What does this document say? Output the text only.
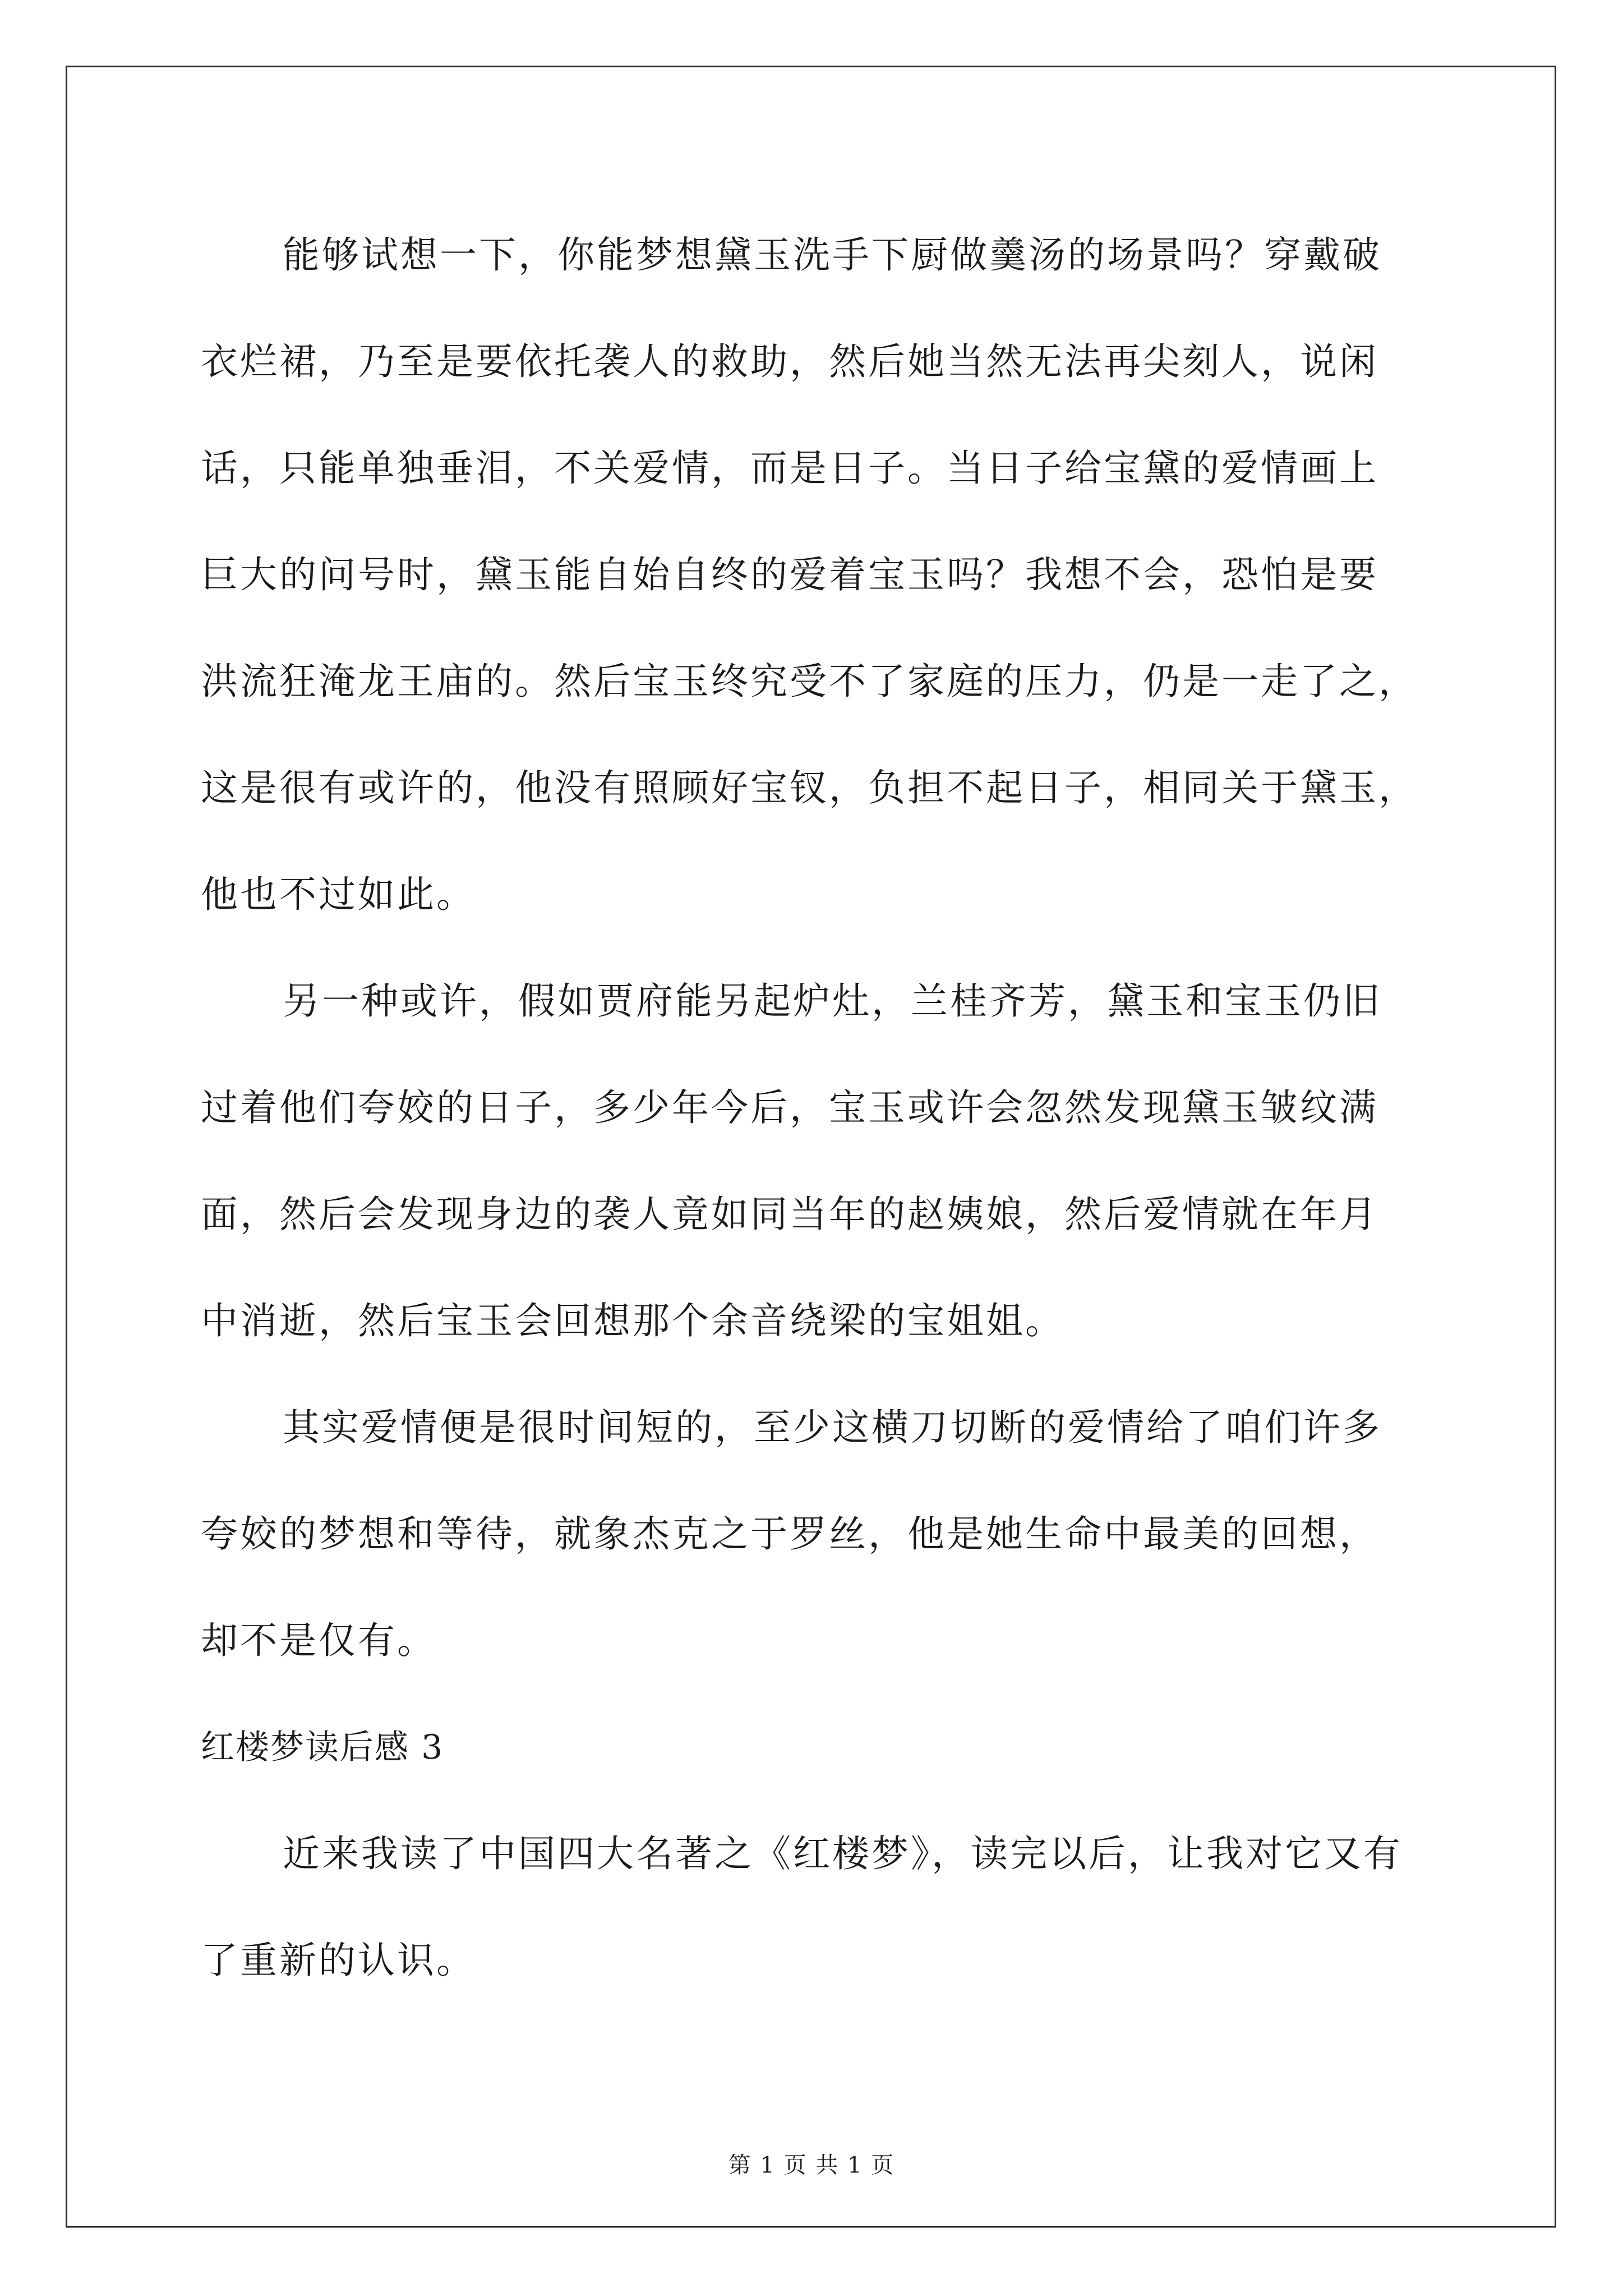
能够试想一下，你能梦想黛玉洗手下厨做羹汤的场景吗？穿戴破
衣烂裙，乃至是要依托袭人的救助，然后她当然无法再尖刻人，说闲
话，只能单独垂泪，不关爱情，而是日子。当日子给宝黛的爱情画上
巨大的问号时，黛玉能自始自终的爱着宝玉吗？我想不会，恐怕是要
洪流狂淹龙王庙的。然后宝玉终究受不了家庭的压力，仍是一走了之，
这是很有或许的，他没有照顾好宝钗，负担不起日子，相同关于黛玉，
他也不过如此。
另一种或许，假如贾府能另起炉灶，兰桂齐芳，黛玉和宝玉仍旧
过着他们夸姣的日子，多少年今后，宝玉或许会忽然发现黛玉皱纹满
面，然后会发现身边的袭人竟如同当年的赵姨娘，然后爱情就在年月
中消逝，然后宝玉会回想那个余音绕梁的宝姐姐。
其实爱情便是很时间短的，至少这横刀切断的爱情给了咱们许多
夸姣的梦想和等待，就象杰克之于罗丝，他是她生命中最美的回想，
却不是仅有。
红楼梦读后感 3
近来我读了中国四大名著之《红楼梦》，读完以后，让我对它又有
了重新的认识。
第 1 页 共 1 页
